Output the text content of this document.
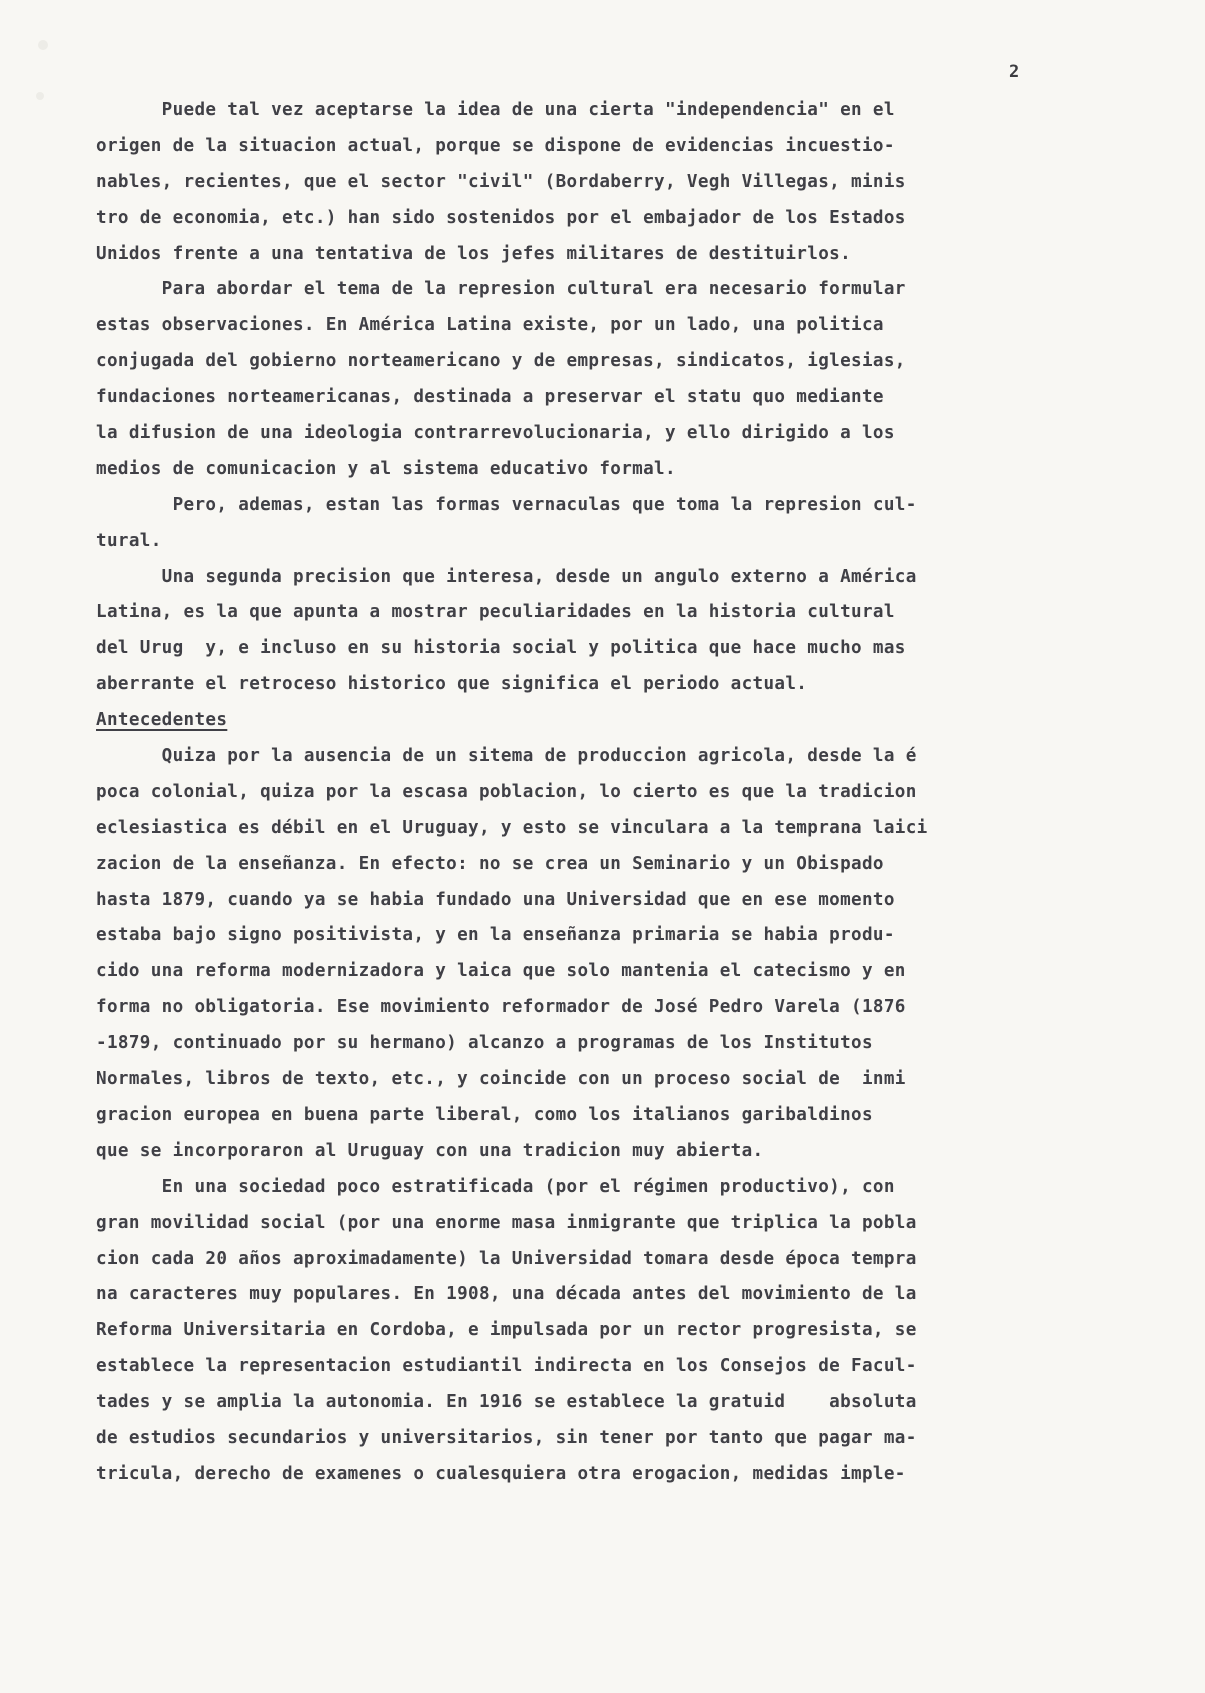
2
Puede tal vez aceptarse la idea de una cierta "independencia" en el
origen de la situacion actual, porque se dispone de evidencias incuestio-
nables, recientes, que el sector "civil" (Bordaberry, Vegh Villegas, minis
tro de economia, etc.) han sido sostenidos por el embajador de los Estados
Unidos frente a una tentativa de los jefes militares de destituirlos.
Para abordar el tema de la represion cultural era necesario formular
estas observaciones. En América Latina existe, por un lado, una politica
conjugada del gobierno norteamericano y de empresas, sindicatos, iglesias,
fundaciones norteamericanas, destinada a preservar el statu quo mediante
la difusion de una ideologia contrarrevolucionaria, y ello dirigido a los
medios de comunicacion y al sistema educativo formal.
Pero, ademas, estan las formas vernaculas que toma la represion cul-
tural.
Una segunda precision que interesa, desde un angulo externo a América
Latina, es la que apunta a mostrar peculiaridades en la historia cultural
del Urug  y, e incluso en su historia social y politica que hace mucho mas
aberrante el retroceso historico que significa el periodo actual.
Antecedentes
Quiza por la ausencia de un sitema de produccion agricola, desde la é
poca colonial, quiza por la escasa poblacion, lo cierto es que la tradicion
eclesiastica es débil en el Uruguay, y esto se vinculara a la temprana laici
zacion de la enseñanza. En efecto: no se crea un Seminario y un Obispado
hasta 1879, cuando ya se habia fundado una Universidad que en ese momento
estaba bajo signo positivista, y en la enseñanza primaria se habia produ-
cido una reforma modernizadora y laica que solo mantenia el catecismo y en
forma no obligatoria. Ese movimiento reformador de José Pedro Varela (1876
-1879, continuado por su hermano) alcanzo a programas de los Institutos
Normales, libros de texto, etc., y coincide con un proceso social de  inmi
gracion europea en buena parte liberal, como los italianos garibaldinos
que se incorporaron al Uruguay con una tradicion muy abierta.
En una sociedad poco estratificada (por el régimen productivo), con
gran movilidad social (por una enorme masa inmigrante que triplica la pobla
cion cada 20 años aproximadamente) la Universidad tomara desde época tempra
na caracteres muy populares. En 1908, una década antes del movimiento de la
Reforma Universitaria en Cordoba, e impulsada por un rector progresista, se
establece la representacion estudiantil indirecta en los Consejos de Facul-
tades y se amplia la autonomia. En 1916 se establece la gratuid    absoluta
de estudios secundarios y universitarios, sin tener por tanto que pagar ma-
tricula, derecho de examenes o cualesquiera otra erogacion, medidas imple-
